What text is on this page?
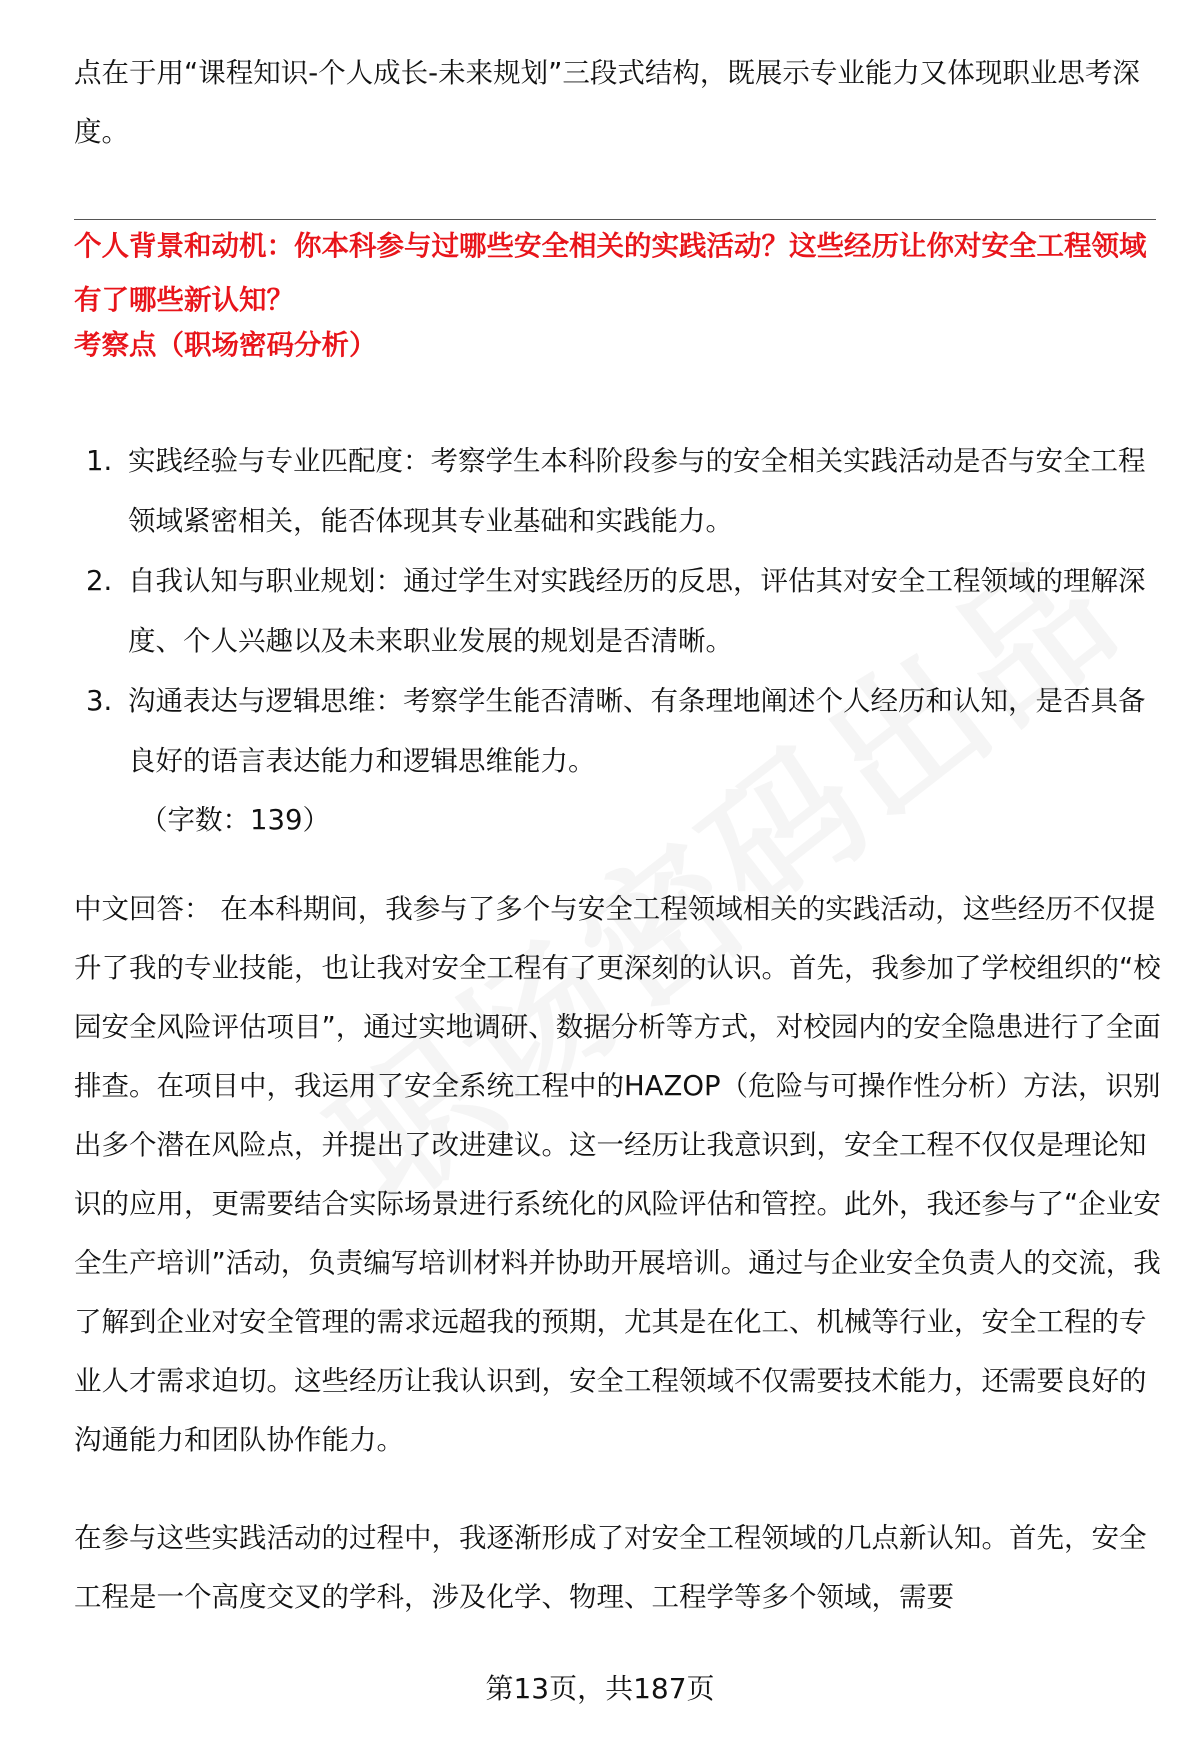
点在于用“课程知识-个人成长-未来规划”三段式结构，既展示专业能力又体现职业思考深度。

个人背景和动机：你本科参与过哪些安全相关的实践活动？这些经历让你对安全工程领域有了哪些新认知？

考察点（职场密码分析）

1. 实践经验与专业匹配度：考察学生本科阶段参与的安全相关实践活动是否与安全工程领域紧密相关，能否体现其专业基础和实践能力。
2. 自我认知与职业规划：通过学生对实践经历的反思，评估其对安全工程领域的理解深度、个人兴趣以及未来职业发展的规划是否清晰。
3. 沟通表达与逻辑思维：考察学生能否清晰、有条理地阐述个人经历和认知，是否具备良好的语言表达能力和逻辑思维能力。
（字数：139）

中文回答： 在本科期间，我参与了多个与安全工程领域相关的实践活动，这些经历不仅提升了我的专业技能，也让我对安全工程有了更深刻的认识。首先，我参加了学校组织的“校园安全风险评估项目”，通过实地调研、数据分析等方式，对校园内的安全隐患进行了全面排查。在项目中，我运用了安全系统工程中的HAZOP（危险与可操作性分析）方法，识别出多个潜在风险点，并提出了改进建议。这一经历让我意识到，安全工程不仅仅是理论知识的应用，更需要结合实际场景进行系统化的风险评估和管控。此外，我还参与了“企业安全生产培训”活动，负责编写培训材料并协助开展培训。通过与企业安全负责人的交流，我了解到企业对安全管理的需求远超我的预期，尤其是在化工、机械等行业，安全工程的专业人才需求迫切。这些经历让我认识到，安全工程领域不仅需要技术能力，还需要良好的沟通能力和团队协作能力。

在参与这些实践活动的过程中，我逐渐形成了对安全工程领域的几点新认知。首先，安全工程是一个高度交叉的学科，涉及化学、物理、工程学等多个领域，需要

第13页，共187页
